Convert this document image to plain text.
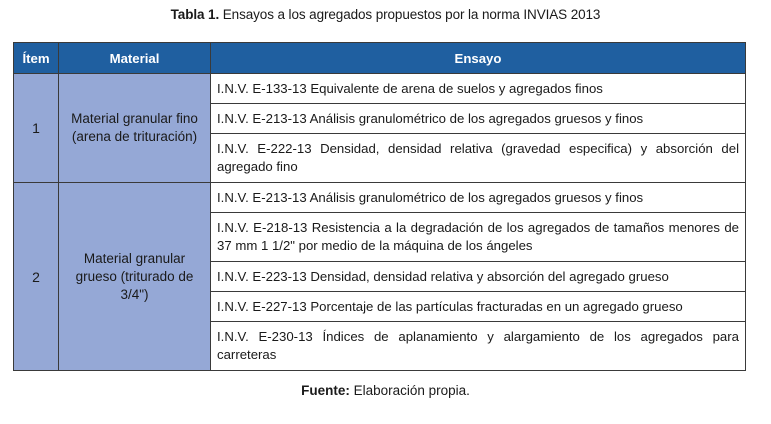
Tabla 1. Ensayos a los agregados propuestos por la norma INVIAS 2013
Ítem	Material	Ensayo
1	Material granular fino (arena de trituración)	I.N.V. E-133-13 Equivalente de arena de suelos y agregados finos
		I.N.V. E-213-13 Análisis granulométrico de los agregados gruesos y finos
		I.N.V. E-222-13 Densidad, densidad relativa (gravedad especifica) y absorción del agregado fino
2	Material granular grueso (triturado de 3/4")	I.N.V. E-213-13 Análisis granulométrico de los agregados gruesos y finos
		I.N.V. E-218-13 Resistencia a la degradación de los agregados de tamaños menores de 37 mm 1 1/2" por medio de la máquina de los ángeles
		I.N.V. E-223-13 Densidad, densidad relativa y absorción del agregado grueso
		I.N.V. E-227-13 Porcentaje de las partículas fracturadas en un agregado grueso
		I.N.V. E-230-13 Índices de aplanamiento y alargamiento de los agregados para carreteras
Fuente: Elaboración propia.
